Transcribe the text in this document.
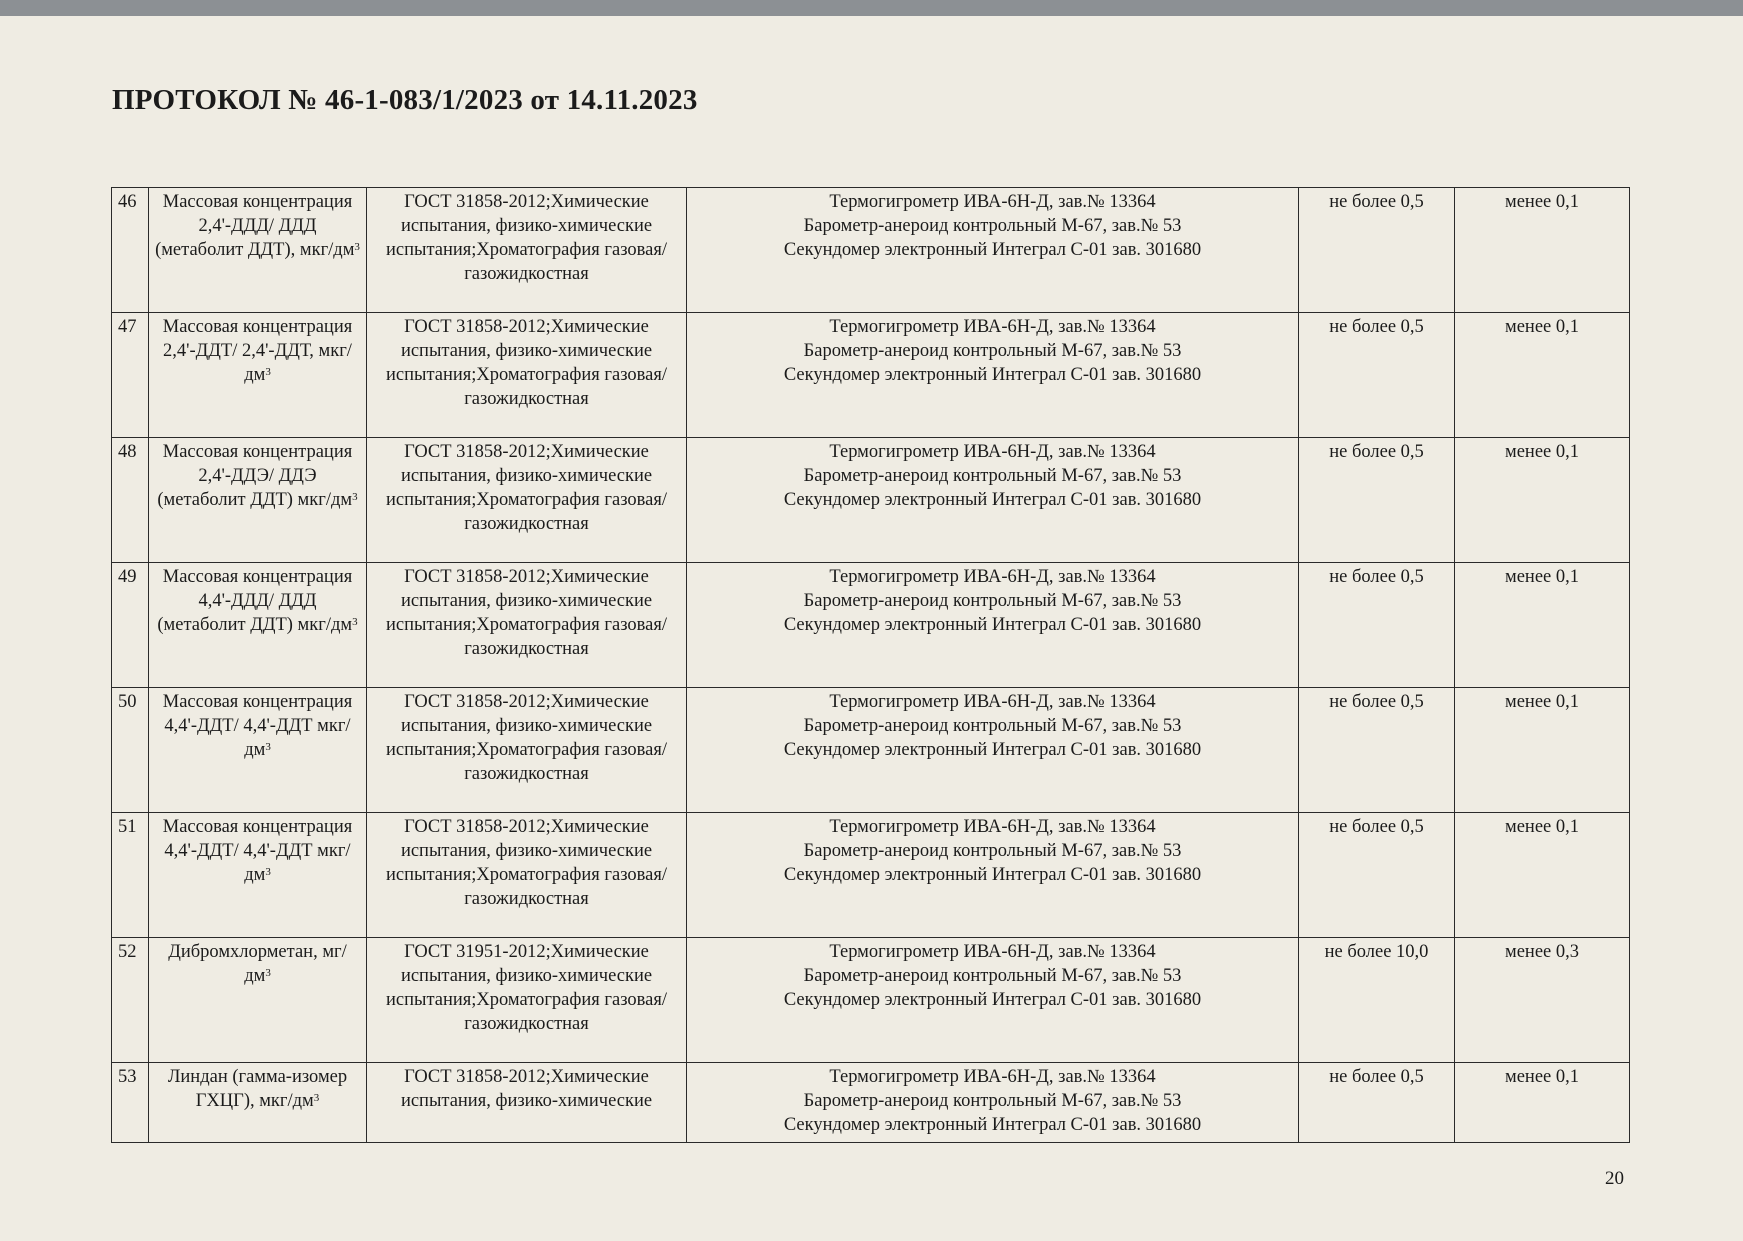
ПРОТОКОЛ № 46-1-083/1/2023 от 14.11.2023
46	Массовая концентрация 2,4'-ДДД/ ДДД (метаболит ДДТ), мкг/$дм^3$	ГОСТ 31858-2012;Химические испытания, физико-химические испытания;Хроматография газовая/газожидкостная	Термогигрометр ИВА-6Н-Д, зав.№ 13364
Барометр-анероид контрольный М-67, зав.№ 53
Секундомер электронный Интеграл С-01 зав. 301680	не более 0,5	менее 0,1
47	Массовая концентрация 2,4'-ДДТ/ 2,4'-ДДТ, мкг/$дм^3$	ГОСТ 31858-2012;Химические испытания, физико-химические испытания;Хроматография газовая/газожидкостная	Термогигрометр ИВА-6Н-Д, зав.№ 13364
Барометр-анероид контрольный М-67, зав.№ 53
Секундомер электронный Интеграл С-01 зав. 301680	не более 0,5	менее 0,1
48	Массовая концентрация 2,4'-ДДЭ/ ДДЭ (метаболит ДДТ) мкг/$дм^3$	ГОСТ 31858-2012;Химические испытания, физико-химические испытания;Хроматография газовая/газожидкостная	Термогигрометр ИВА-6Н-Д, зав.№ 13364
Барометр-анероид контрольный М-67, зав.№ 53
Секундомер электронный Интеграл С-01 зав. 301680	не более 0,5	менее 0,1
49	Массовая концентрация 4,4'-ДДД/ ДДД (метаболит ДДТ) мкг/$дм^3$	ГОСТ 31858-2012;Химические испытания, физико-химические испытания;Хроматография газовая/газожидкостная	Термогигрометр ИВА-6Н-Д, зав.№ 13364
Барометр-анероид контрольный М-67, зав.№ 53
Секундомер электронный Интеграл С-01 зав. 301680	не более 0,5	менее 0,1
50	Массовая концентрация 4,4'-ДДТ/ 4,4'-ДДТ мкг/$дм^3$	ГОСТ 31858-2012;Химические испытания, физико-химические испытания;Хроматография газовая/газожидкостная	Термогигрометр ИВА-6Н-Д, зав.№ 13364
Барометр-анероид контрольный М-67, зав.№ 53
Секундомер электронный Интеграл С-01 зав. 301680	не более 0,5	менее 0,1
51	Массовая концентрация 4,4'-ДДТ/ 4,4'-ДДТ мкг/$дм^3$	ГОСТ 31858-2012;Химические испытания, физико-химические испытания;Хроматография газовая/газожидкостная	Термогигрометр ИВА-6Н-Д, зав.№ 13364
Барометр-анероид контрольный М-67, зав.№ 53
Секундомер электронный Интеграл С-01 зав. 301680	не более 0,5	менее 0,1
52	Дибромхлорметан, $мг/дм^3$	ГОСТ 31951-2012;Химические испытания, физико-химические испытания;Хроматография газовая/газожидкостная	Термогигрометр ИВА-6Н-Д, зав.№ 13364
Барометр-анероид контрольный М-67, зав.№ 53
Секундомер электронный Интеграл С-01 зав. 301680	не более 10,0	менее 0,3
53	Линдан (гамма-изомер ГХЦГ), мкг/$дм^3$	ГОСТ 31858-2012;Химические испытания, физико-химические	Термогигрометр ИВА-6Н-Д, зав.№ 13364
Барометр-анероид контрольный М-67, зав.№ 53
Секундомер электронный Интеграл С-01 зав. 301680	не более 0,5	менее 0,1
20
